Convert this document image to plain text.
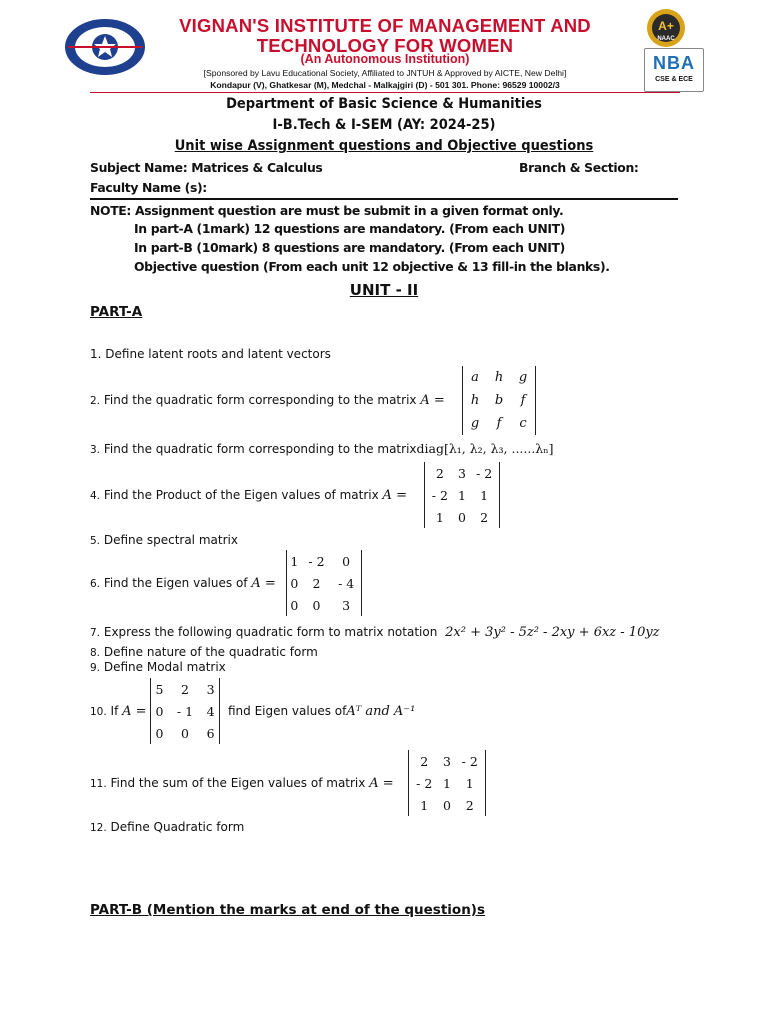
VIGNAN'S INSTITUTE OF MANAGEMENT AND
TECHNOLOGY FOR WOMEN
(An Autonomous Institution)
[Sponsored by Lavu Educational Society, Affiliated to JNTUH & Approved by AICTE, New Delhi]
Kondapur (V), Ghatkesar (M), Medchal - Malkajgiri (D) - 501 301. Phone: 96529 10002/3
A+
NAAC
NBA
CSE & ECE
Department of Basic Science & Humanities
I-B.Tech & I-SEM (AY: 2024-25)
Unit wise Assignment questions and Objective questions
Subject Name: Matrices & Calculus	Branch & Section:
Faculty Name (s):
NOTE: Assignment question are must be submit in a given format only.
In part-A (1mark) 12 questions are mandatory. (From each UNIT)
In part-B (10mark) 8 questions are mandatory. (From each UNIT)
Objective question (From each unit 12 objective & 13 fill-in the blanks).
UNIT - II
PART-A
1. Define latent roots and latent vectors
2. Find the quadratic form corresponding to the matrix A =
a	h	g
h	b	f
g	f	c
3. Find the quadratic form corresponding to the matrixdiag[λ₁, λ₂, λ₃, ......λₙ]
4. Find the Product of the Eigen values of matrix A =
2	3	- 2
- 2	1	1
1	0	2
5. Define spectral matrix
6. Find the Eigen values of A =
1	- 2	0
0	2	- 4
0	0	3
7. Express the following quadratic form to matrix notation 2x² + 3y² - 5z² - 2xy + 6xz - 10yz
8. Define nature of the quadratic form
9. Define Modal matrix
10. If A =
5	2	3
0	- 1	4
0	0	6
find Eigen values ofAᵀ and A⁻¹
11. Find the sum of the Eigen values of matrix A =
2	3	- 2
- 2	1	1
1	0	2
12. Define Quadratic form
PART-B (Mention the marks at end of the question)s
